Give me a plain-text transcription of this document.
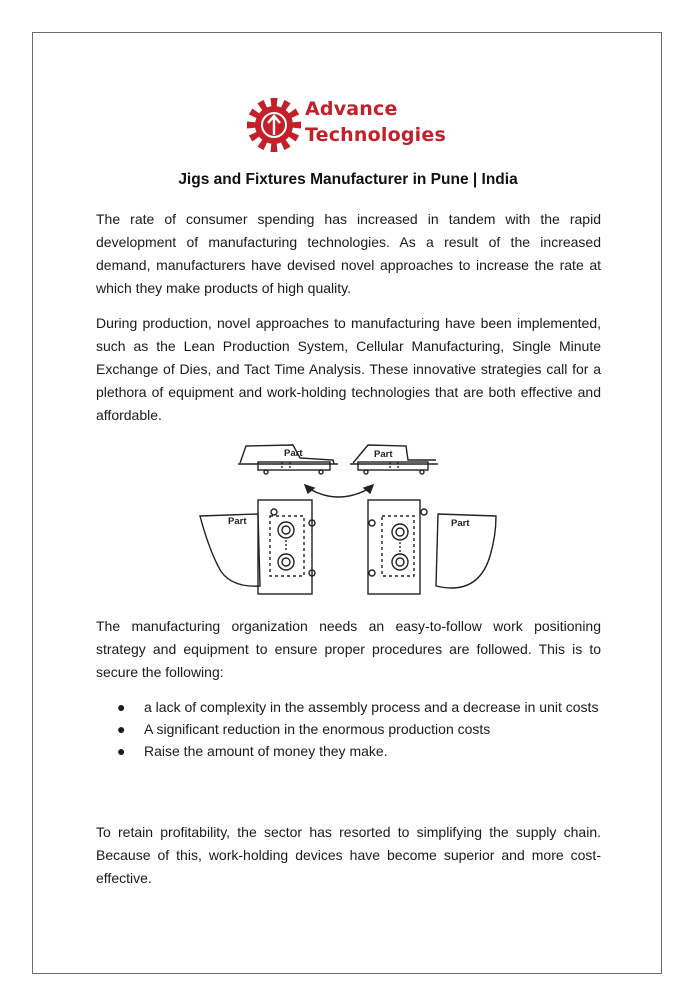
Advance
Technologies
Jigs and Fixtures Manufacturer in Pune | India

The rate of consumer spending has increased in tandem with the rapid development of manufacturing technologies. As a result of the increased demand, manufacturers have devised novel approaches to increase the rate at which they make products of high quality.

During production, novel approaches to manufacturing have been implemented, such as the Lean Production System, Cellular Manufacturing, Single Minute Exchange of Dies, and Tact Time Analysis. These innovative strategies call for a plethora of equipment and work-holding technologies that are both effective and affordable.

Part	Part
Part	Part

The manufacturing organization needs an easy-to-follow work positioning strategy and equipment to ensure proper procedures are followed. This is to secure the following:

● a lack of complexity in the assembly process and a decrease in unit costs
● A significant reduction in the enormous production costs
● Raise the amount of money they make.

To retain profitability, the sector has resorted to simplifying the supply chain. Because of this, work-holding devices have become superior and more cost-effective.
